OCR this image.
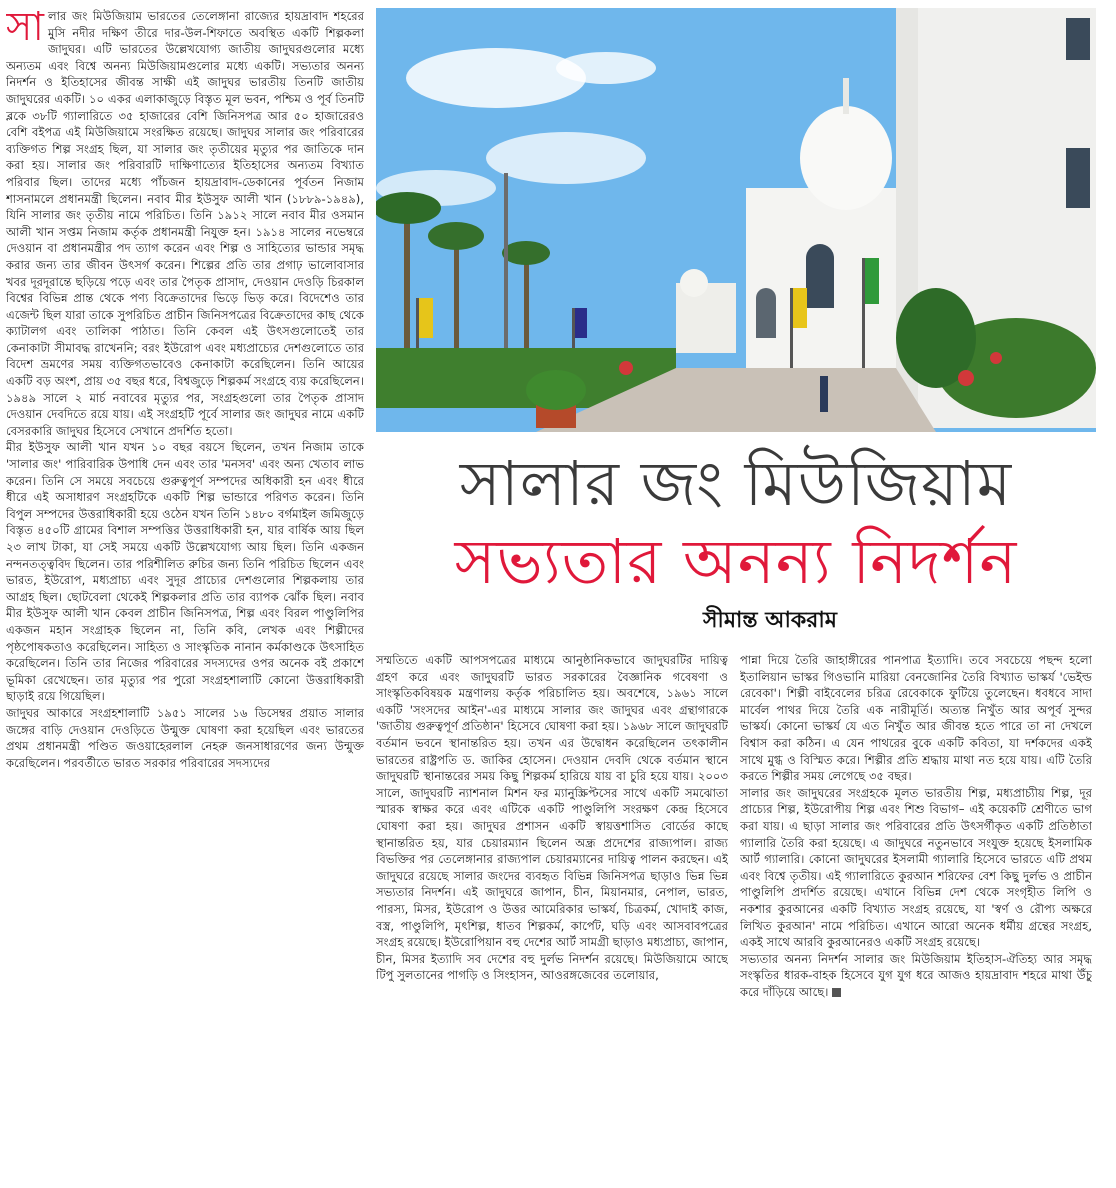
সালার জং মিউজিয়াম ভারতের তেলেঙ্গানা রাজ্যের হায়দ্রাবাদ শহরের মুসি নদীর দক্ষিণ তীরে দার-উল-শিফাতে অবস্থিত একটি শিল্পকলা জাদুঘর। এটি ভারতের উল্লেখযোগ্য জাতীয় জাদুঘরগুলোর মধ্যে অন্যতম এবং বিশ্বে অনন্য মিউজিয়ামগুলোর মধ্যে একটি। সভ্যতার অনন্য নিদর্শন ও ইতিহাসের জীবন্ত সাক্ষী এই জাদুঘর ভারতীয় তিনটি জাতীয় জাদুঘরের একটি। ১০ একর এলাকাজুড়ে বিস্তৃত মূল ভবন, পশ্চিম ও পূর্ব তিনটি ব্লকে ৩৮টি গ্যালারিতে ৩৫ হাজারের বেশি জিনিসপত্র আর ৫০ হাজারেরও বেশি বইপত্র এই মিউজিয়ামে সংরক্ষিত রয়েছে। জাদুঘর সালার জং পরিবারের ব্যক্তিগত শিল্প সংগ্রহ ছিল, যা সালার জং তৃতীয়ের মৃত্যুর পর জাতিকে দান করা হয়। সালার জং পরিবারটি দাক্ষিণাত্যের ইতিহাসের অন্যতম বিখ্যাত পরিবার ছিল। তাদের মধ্যে পাঁচজন হায়দ্রাবাদ-ডেকানের পূর্বতন নিজাম শাসনামলে প্রধানমন্ত্রী ছিলেন। নবাব মীর ইউসুফ আলী খান (১৮৮৯-১৯৪৯), যিনি সালার জং তৃতীয় নামে পরিচিত। তিনি ১৯১২ সালে নবাব মীর ওসমান আলী খান সপ্তম নিজাম কর্তৃক প্রধানমন্ত্রী নিযুক্ত হন। ১৯১৪ সালের নভেম্বরে দেওয়ান বা প্রধানমন্ত্রীর পদ ত্যাগ করেন এবং শিল্প ও সাহিত্যের ভান্ডার সমৃদ্ধ করার জন্য তার জীবন উৎসর্গ করেন। শিল্পের প্রতি তার প্রগাঢ় ভালোবাসার খবর দূরদূরান্তে ছড়িয়ে পড়ে এবং তার পৈতৃক প্রাসাদ, দেওয়ান দেওড়ি চিরকাল বিশ্বের বিভিন্ন প্রান্ত থেকে পণ্য বিক্রেতাদের ভিড়ে ভিড় করে। বিদেশেও তার এজেন্ট ছিল যারা তাকে সুপরিচিত প্রাচীন জিনিসপত্রের বিক্রেতাদের কাছ থেকে ক্যাটালগ এবং তালিকা পাঠাত। তিনি কেবল এই উৎসগুলোতেই তার কেনাকাটা সীমাবদ্ধ রাখেননি; বরং ইউরোপ এবং মধ্যপ্রাচ্যের দেশগুলোতে তার বিদেশ ভ্রমণের সময় ব্যক্তিগতভাবেও কেনাকাটা করেছিলেন। তিনি আয়ের একটি বড় অংশ, প্রায় ৩৫ বছর ধরে, বিশ্বজুড়ে শিল্পকর্ম সংগ্রহে ব্যয় করেছিলেন। ১৯৪৯ সালে ২ মার্চ নবাবের মৃত্যুর পর, সংগ্রহগুলো তার পৈতৃক প্রাসাদ দেওয়ান দেবদিতে রয়ে যায়। এই সংগ্রহটি পূর্বে সালার জং জাদুঘর নামে একটি বেসরকারি জাদুঘর হিসেবে সেখানে প্রদর্শিত হতো।

মীর ইউসুফ আলী খান যখন ১০ বছর বয়সে ছিলেন, তখন নিজাম তাকে 'সালার জং' পারিবারিক উপাধি দেন এবং তার 'মনসব' এবং অন্য খেতাব লাভ করেন। তিনি সে সময়ে সবচেয়ে গুরুত্বপূর্ণ সম্পদের অধিকারী হন এবং ধীরে ধীরে এই অসাধারণ সংগ্রহটিকে একটি শিল্প ভান্ডারে পরিণত করেন। তিনি বিপুল সম্পদের উত্তরাধিকারী হয়ে ওঠেন যখন তিনি ১৪৮০ বর্গমাইল জমিজুড়ে বিস্তৃত ৪৫০টি গ্রামের বিশাল সম্পত্তির উত্তরাধিকারী হন, যার বার্ষিক আয় ছিল ২৩ লাখ টাকা, যা সেই সময়ে একটি উল্লেখযোগ্য আয় ছিল। তিনি একজন নন্দনতত্ত্ববিদ ছিলেন। তার পরিশীলিত রুচির জন্য তিনি পরিচিত ছিলেন এবং ভারত, ইউরোপ, মধ্যপ্রাচ্য এবং সুদূর প্রাচ্যের দেশগুলোর শিল্পকলায় তার আগ্রহ ছিল। ছোটবেলা থেকেই শিল্পকলার প্রতি তার ব্যাপক ঝোঁক ছিল। নবাব মীর ইউসুফ আলী খান কেবল প্রাচীন জিনিসপত্র, শিল্প এবং বিরল পাণ্ডুলিপির একজন মহান সংগ্রাহক ছিলেন না, তিনি কবি, লেখক এবং শিল্পীদের পৃষ্ঠপোষকতাও করেছিলেন। সাহিত্য ও সাংস্কৃতিক নানান কর্মকাণ্ডকে উৎসাহিত করেছিলেন। তিনি তার নিজের পরিবারের সদস্যদের ওপর অনেক বই প্রকাশে ভূমিকা রেখেছেন। তার মৃত্যুর পর পুরো সংগ্রহশালাটি কোনো উত্তরাধিকারী ছাড়াই রয়ে গিয়েছিল।

জাদুঘর আকারে সংগ্রহশালাটি ১৯৫১ সালের ১৬ ডিসেম্বর প্রয়াত সালার জঙ্গের বাড়ি দেওয়ান দেওড়িতে উন্মুক্ত ঘোষণা করা হয়েছিল এবং ভারতের প্রথম প্রধানমন্ত্রী পণ্ডিত জওয়াহেরলাল নেহরু জনসাধারণের জন্য উন্মুক্ত করেছিলেন। পরবর্তীতে ভারত সরকার পরিবারের সদস্যদের

সালার জং মিউজিয়াম
সভ্যতার অনন্য নিদর্শন
সীমান্ত আকরাম

সম্মতিতে একটি আপসপত্রের মাধ্যমে আনুষ্ঠানিকভাবে জাদুঘরটির দায়িত্ব গ্রহণ করে এবং জাদুঘরটি ভারত সরকারের বৈজ্ঞানিক গবেষণা ও সাংস্কৃতিকবিষয়ক মন্ত্রণালয় কর্তৃক পরিচালিত হয়। অবশেষে, ১৯৬১ সালে একটি 'সংসদের আইন'-এর মাধ্যমে সালার জং জাদুঘর এবং গ্রন্থাগারকে 'জাতীয় গুরুত্বপূর্ণ প্রতিষ্ঠান' হিসেবে ঘোষণা করা হয়। ১৯৬৮ সালে জাদুঘরটি বর্তমান ভবনে স্থানান্তরিত হয়। তখন এর উদ্বোধন করেছিলেন তৎকালীন ভারতের রাষ্ট্রপতি ড. জাকির হোসেন। দেওয়ান দেবদি থেকে বর্তমান স্থানে জাদুঘরটি স্থানান্তরের সময় কিছু শিল্পকর্ম হারিয়ে যায় বা চুরি হয়ে যায়। ২০০৩ সালে, জাদুঘরটি ন্যাশনাল মিশন ফর ম্যানুস্ক্রিপ্টসের সাথে একটি সমঝোতা স্মারক স্বাক্ষর করে এবং এটিকে একটি পাণ্ডুলিপি সংরক্ষণ কেন্দ্র হিসেবে ঘোষণা করা হয়। জাদুঘর প্রশাসন একটি স্বায়ত্তশাসিত বোর্ডের কাছে স্থানান্তরিত হয়, যার চেয়ারম্যান ছিলেন অন্ধ্র প্রদেশের রাজ্যপাল। রাজ্য বিভক্তির পর তেলেঙ্গানার রাজ্যপাল চেয়ারম্যানের দায়িত্ব পালন করছেন। এই জাদুঘরে রয়েছে সালার জংদের ব্যবহৃত বিভিন্ন জিনিসপত্র ছাড়াও ভিন্ন ভিন্ন সভ্যতার নিদর্শন। এই জাদুঘরে জাপান, চীন, মিয়ানমার, নেপাল, ভারত, পারস্য, মিসর, ইউরোপ ও উত্তর আমেরিকার ভাস্কর্য, চিত্রকর্ম, খোদাই কাজ, বস্ত্র, পাণ্ডুলিপি, মৃৎশিল্প, ধাতব শিল্পকর্ম, কার্পেট, ঘড়ি এবং আসবাবপত্রের সংগ্রহ রয়েছে। ইউরোপিয়ান বহু দেশের আর্ট সামগ্রী ছাড়াও মধ্যপ্রাচ্য, জাপান, চীন, মিসর ইত্যাদি সব দেশের বহু দুর্লভ নিদর্শন রয়েছে। মিউজিয়ামে আছে টিপু সুলতানের পাগড়ি ও সিংহাসন, আওরঙ্গজেবের তলোয়ার,

পান্না দিয়ে তৈরি জাহাঙ্গীরের পানপাত্র ইত্যাদি। তবে সবচেয়ে পছন্দ হলো ইতালিয়ান ভাস্কর গিওভানি মারিয়া বেনজোনির তৈরি বিখ্যাত ভাস্কর্য 'ভেইল্ড রেবেকা'। শিল্পী বাইবেলের চরিত্র রেবেকাকে ফুটিয়ে তুলেছেন। ধবধবে সাদা মার্বেল পাথর দিয়ে তৈরি এক নারীমূর্তি। অত্যন্ত নিখুঁত আর অপূর্ব সুন্দর ভাস্কর্য। কোনো ভাস্কর্য যে এত নিখুঁত আর জীবন্ত হতে পারে তা না দেখলে বিশ্বাস করা কঠিন। এ যেন পাথরের বুকে একটি কবিতা, যা দর্শকদের একই সাথে মুগ্ধ ও বিস্মিত করে। শিল্পীর প্রতি শ্রদ্ধায় মাথা নত হয়ে যায়। এটি তৈরি করতে শিল্পীর সময় লেগেছে ৩৫ বছর।

সালার জং জাদুঘরের সংগ্রহকে মূলত ভারতীয় শিল্প, মধ্যপ্রাচ্যীয় শিল্প, দূর প্রাচ্যের শিল্প, ইউরোপীয় শিল্প এবং শিশু বিভাগ– এই কয়েকটি শ্রেণীতে ভাগ করা যায়। এ ছাড়া সালার জং পরিবারের প্রতি উৎসর্গীকৃত একটি প্রতিষ্ঠাতা গ্যালারি তৈরি করা হয়েছে। এ জাদুঘরে নতুনভাবে সংযুক্ত হয়েছে ইসলামিক আর্ট গ্যালারি। কোনো জাদুঘরের ইসলামী গ্যালারি হিসেবে ভারতে এটি প্রথম এবং বিশ্বে তৃতীয়। এই গ্যালারিতে কুরআন শরিফের বেশ কিছু দুর্লভ ও প্রাচীন পাণ্ডুলিপি প্রদর্শিত রয়েছে। এখানে বিভিন্ন দেশ থেকে সংগৃহীত লিপি ও নকশার কুরআনের একটি বিখ্যাত সংগ্রহ রয়েছে, যা 'স্বর্ণ ও রৌপ্য অক্ষরে লিখিত কুরআন' নামে পরিচিত। এখানে আরো অনেক ধর্মীয় গ্রন্থের সংগ্রহ, একই সাথে আরবি কুরআনেরও একটি সংগ্রহ রয়েছে।

সভ্যতার অনন্য নিদর্শন সালার জং মিউজিয়াম ইতিহাস-ঐতিহ্য আর সমৃদ্ধ সংস্কৃতির ধারক-বাহক হিসেবে যুগ যুগ ধরে আজও হায়দ্রাবাদ শহরে মাথা উঁচু করে দাঁড়িয়ে আছে।
